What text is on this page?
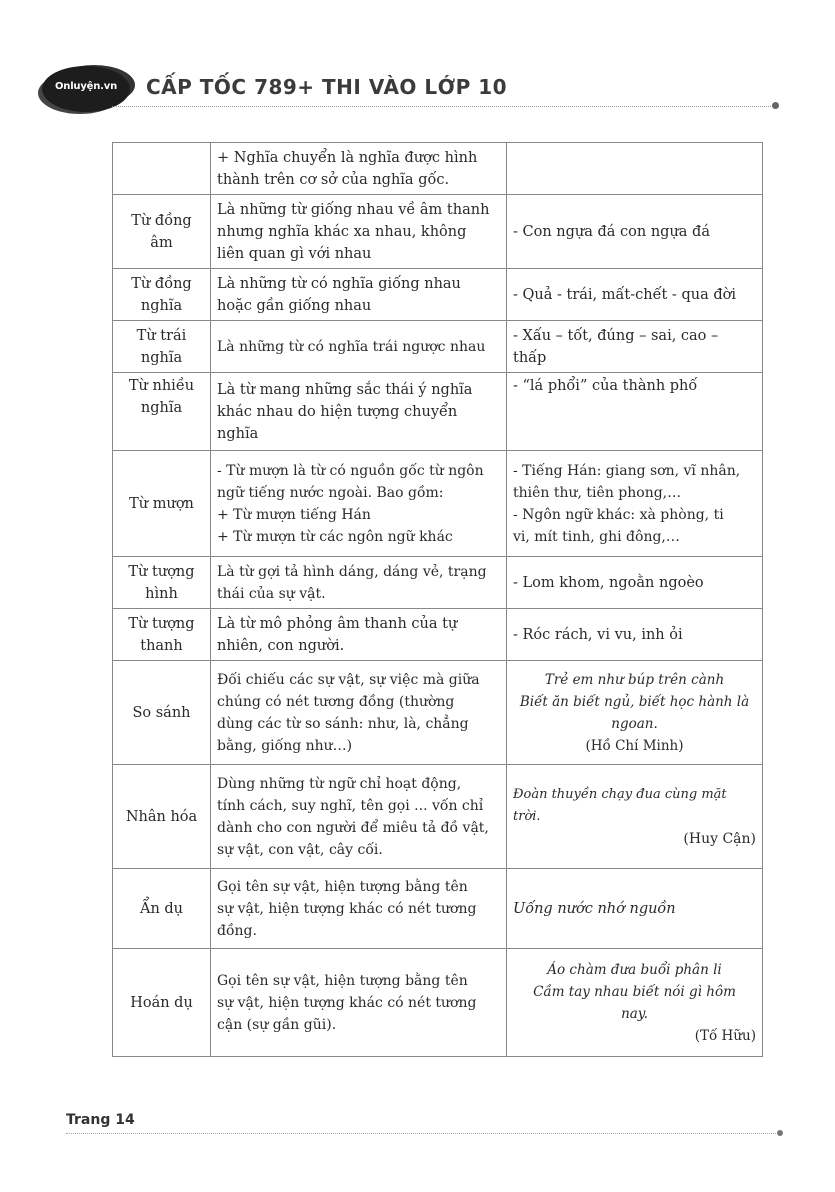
Onluyện.vn	CẤP TỐC 789+ THI VÀO LỚP 10

	+ Nghĩa chuyển là nghĩa được hình
thành trên cơ sở của nghĩa gốc.	

Từ đồng âm	Là những từ giống nhau về âm thanh
nhưng nghĩa khác xa nhau, không
liên quan gì với nhau	- Con ngựa đá con ngựa đá

Từ đồng nghĩa	Là những từ có nghĩa giống nhau
hoặc gần giống nhau	- Quả - trái, mất-chết - qua đời

Từ trái nghĩa	Là những từ có nghĩa trái ngược nhau	- Xấu – tốt, đúng – sai, cao –
thấp

Từ nhiều nghĩa	Là từ mang những sắc thái ý nghĩa
khác nhau do hiện tượng chuyển
nghĩa	- “lá phổi” của thành phố

Từ mượn	- Từ mượn là từ có nguồn gốc từ ngôn
ngữ tiếng nước ngoài. Bao gồm:
+ Từ mượn tiếng Hán
+ Từ mượn từ các ngôn ngữ khác	- Tiếng Hán: giang sơn, vĩ nhân,
thiên thư, tiên phong,…
- Ngôn ngữ khác: xà phòng, ti
vi, mít tinh, ghi đông,…

Từ tượng hình	Là từ gợi tả hình dáng, dáng vẻ, trạng
thái của sự vật.	- Lom khom, ngoằn ngoèo

Từ tượng thanh	Là từ mô phỏng âm thanh của tự
nhiên, con người.	- Róc rách, vi vu, inh ỏi

So sánh	Đối chiếu các sự vật, sự việc mà giữa
chúng có nét tương đồng (thường
dùng các từ so sánh: như, là, chẳng
bằng, giống như…)	Trẻ em như búp trên cành
Biết ăn biết ngủ, biết học hành là
ngoan.
(Hồ Chí Minh)

Nhân hóa	Dùng những từ ngữ chỉ hoạt động,
tính cách, suy nghĩ, tên gọi ... vốn chỉ
dành cho con người để miêu tả đồ vật,
sự vật, con vật, cây cối.	Đoàn thuyền chạy đua cùng mặt trời.
(Huy Cận)

Ẩn dụ	Gọi tên sự vật, hiện tượng bằng tên
sự vật, hiện tượng khác có nét tương
đồng.	Uống nước nhớ nguồn

Hoán dụ	Gọi tên sự vật, hiện tượng bằng tên
sự vật, hiện tượng khác có nét tương
cận (sự gần gũi).	Áo chàm đưa buổi phân li
Cầm tay nhau biết nói gì hôm
nay.
(Tố Hữu)
Trang 14
